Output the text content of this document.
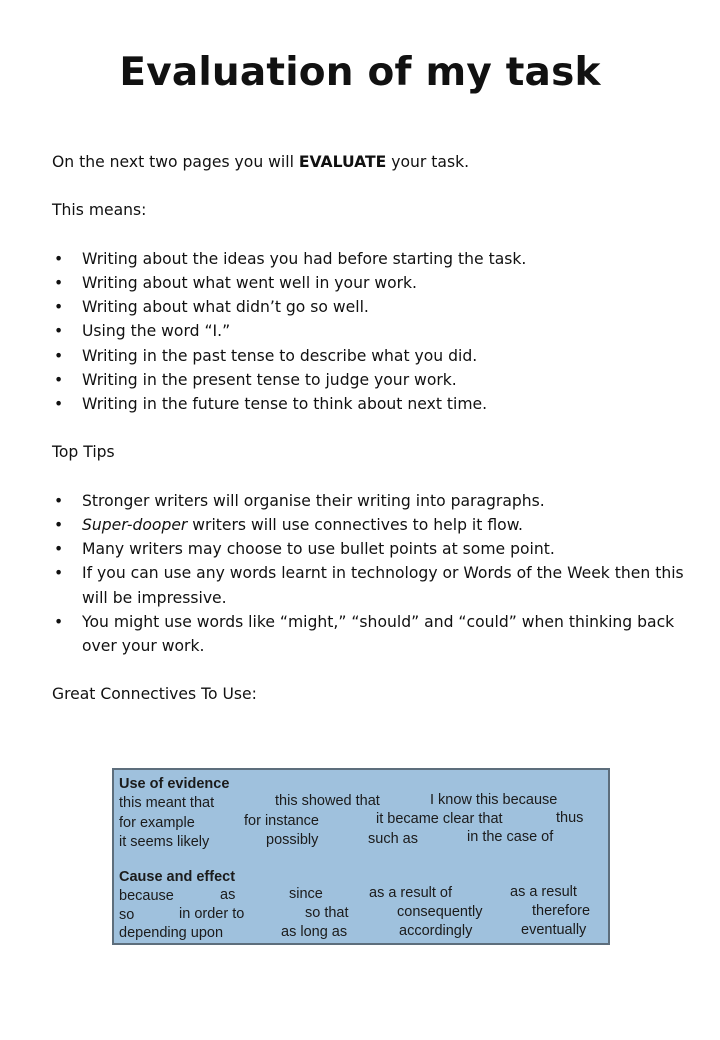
Evaluation of my task

On the next two pages you will EVALUATE your task.

This means:

• Writing about the ideas you had before starting the task.
• Writing about what went well in your work.
• Writing about what didn’t go so well.
• Using the word “I.”
• Writing in the past tense to describe what you did.
• Writing in the present tense to judge your work.
• Writing in the future tense to think about next time.

Top Tips

• Stronger writers will organise their writing into paragraphs.
• Super-dooper writers will use connectives to help it flow.
• Many writers may choose to use bullet points at some point.
• If you can use any words learnt in technology or Words of the Week then this will be impressive.
• You might use words like “might,” “should” and “could” when thinking back over your work.

Great Connectives To Use:

Use of evidence
this meant that	this showed that	I know this because
for example	for instance	it became clear that	thus
it seems likely	possibly	such as	in the case of
Cause and effect
because	as	since	as a result of	as a result
so	in order to	so that	consequently	therefore
depending upon	as long as	accordingly	eventually
